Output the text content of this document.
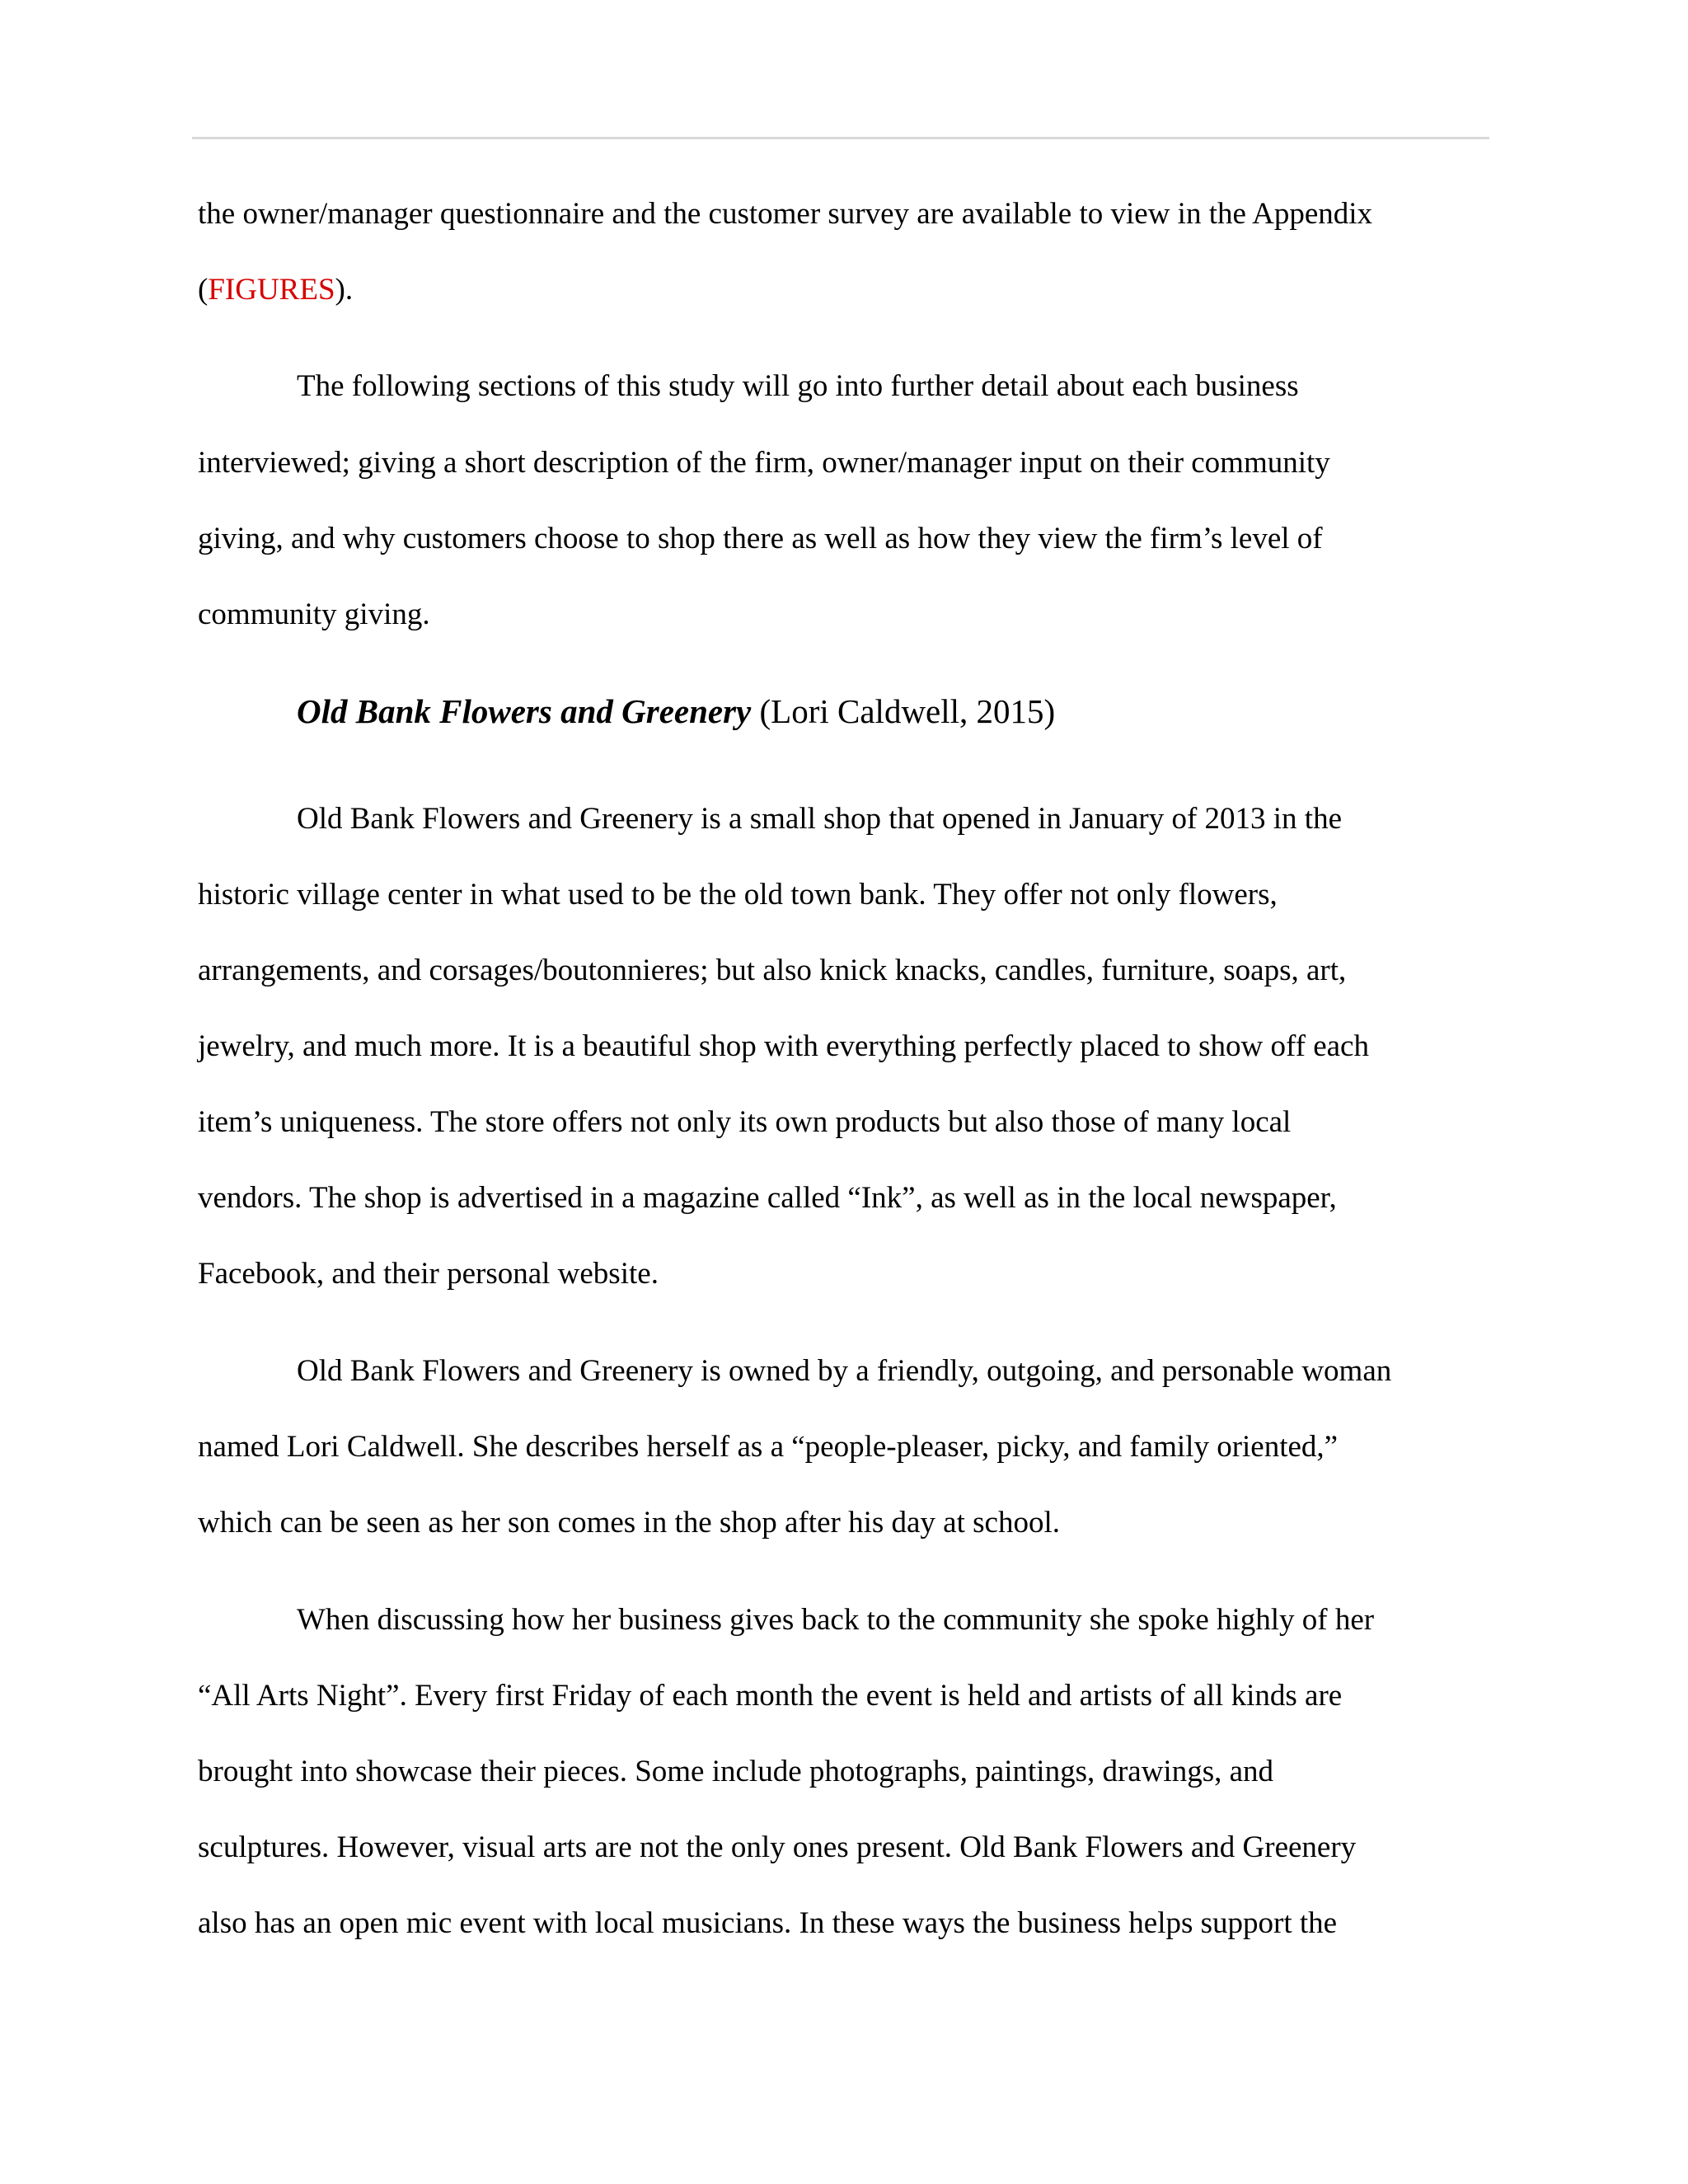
the owner/manager questionnaire and the customer survey are available to view in the Appendix
(FIGURES).
The following sections of this study will go into further detail about each business
interviewed; giving a short description of the firm, owner/manager input on their community
giving, and why customers choose to shop there as well as how they view the firm’s level of
community giving.
Old Bank Flowers and Greenery (Lori Caldwell, 2015)
Old Bank Flowers and Greenery is a small shop that opened in January of 2013 in the
historic village center in what used to be the old town bank. They offer not only flowers,
arrangements, and corsages/boutonnieres; but also knick knacks, candles, furniture, soaps, art,
jewelry, and much more. It is a beautiful shop with everything perfectly placed to show off each
item’s uniqueness. The store offers not only its own products but also those of many local
vendors. The shop is advertised in a magazine called “Ink”, as well as in the local newspaper,
Facebook, and their personal website.
Old Bank Flowers and Greenery is owned by a friendly, outgoing, and personable woman
named Lori Caldwell. She describes herself as a “people-pleaser, picky, and family oriented,”
which can be seen as her son comes in the shop after his day at school.
When discussing how her business gives back to the community she spoke highly of her
“All Arts Night”. Every first Friday of each month the event is held and artists of all kinds are
brought into showcase their pieces. Some include photographs, paintings, drawings, and
sculptures. However, visual arts are not the only ones present. Old Bank Flowers and Greenery
also has an open mic event with local musicians. In these ways the business helps support the
